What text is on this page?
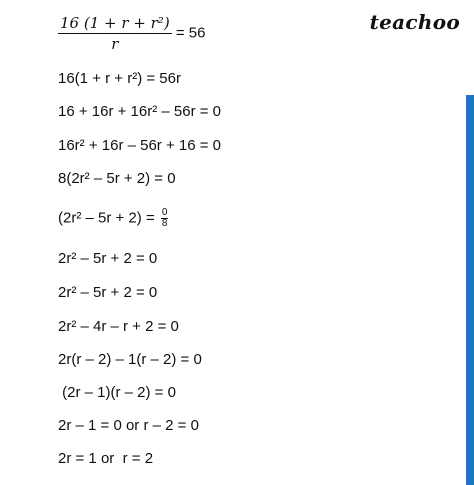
teachoo
$\frac{\text{16 (1 + r + r²)}}{r} = 56$
16(1 + r + r²) = 56r
16 + 16r + 16r² – 56r = 0
16r² + 16r – 56r + 16 = 0
8(2r² – 5r + 2) = 0
$(2r^2 - 5r + 2) = \frac{0}{8}$
2r² – 5r + 2 = 0
2r² – 5r + 2 = 0
2r² – 4r – r + 2 = 0
2r(r – 2) – 1(r – 2) = 0
(2r – 1)(r – 2) = 0
2r – 1 = 0 or r – 2 = 0
2r = 1 or  r = 2
